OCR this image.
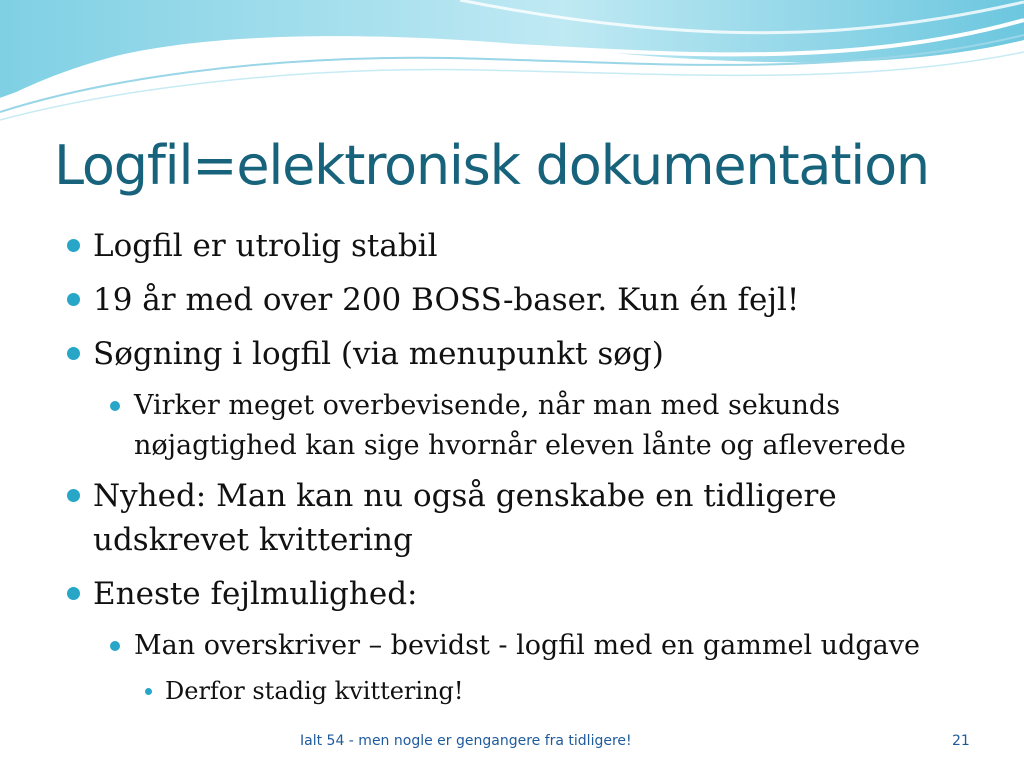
Logfil=elektronisk dokumentation
Logfil er utrolig stabil
19 år med over 200 BOSS-baser. Kun én fejl!
Søgning i logfil (via menupunkt søg)
Virker meget overbevisende, når man med sekunds nøjagtighed kan sige hvornår eleven lånte og afleverede
Nyhed: Man kan nu også genskabe en tidligere udskrevet kvittering
Eneste fejlmulighed:
Man overskriver – bevidst - logfil med en gammel udgave
Derfor stadig kvittering!
Ialt 54 - men nogle er gengangere fra tidligere!	21
